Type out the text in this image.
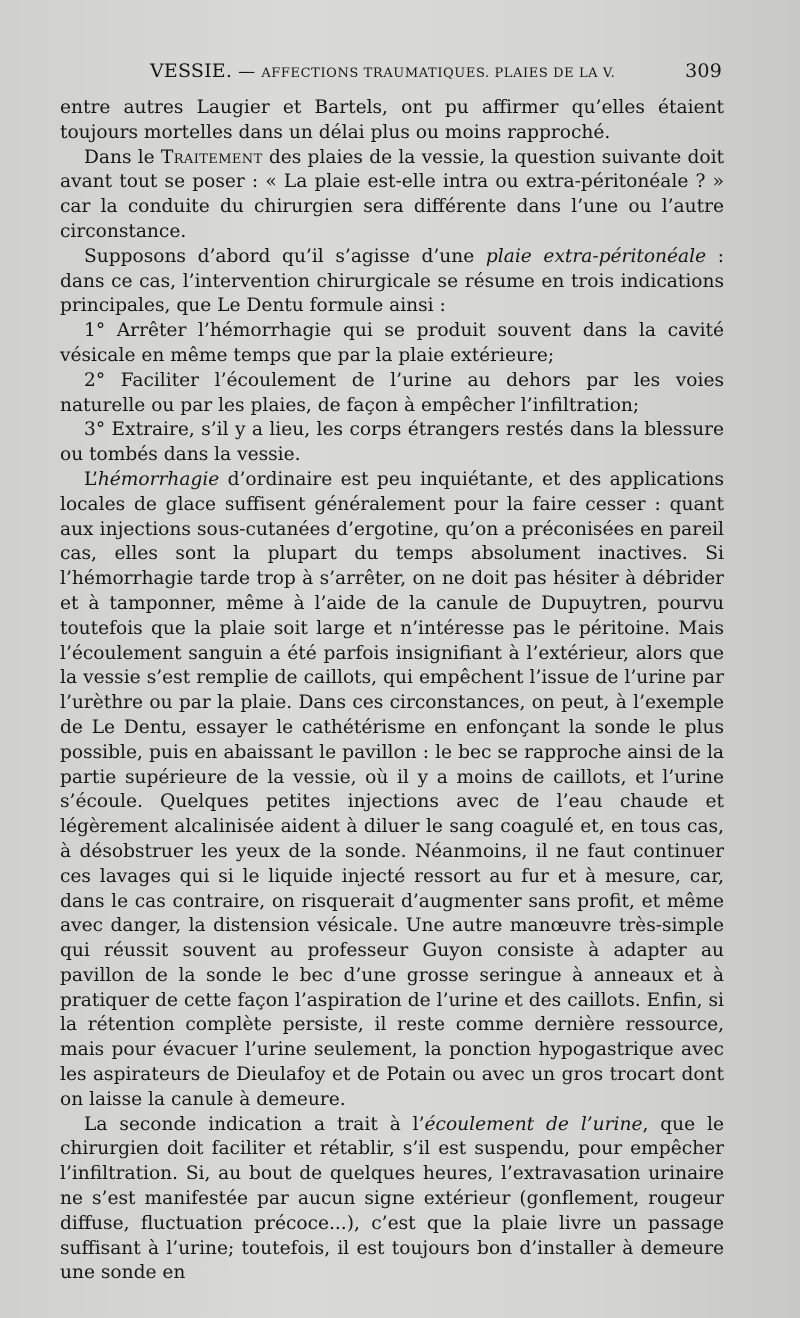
VESSIE. — AFFECTIONS TRAUMATIQUES. PLAIES DE LA V.	309

entre autres Laugier et Bartels, ont pu affirmer qu’elles étaient toujours mortelles dans un délai plus ou moins rapproché.

Dans le Traitement des plaies de la vessie, la question suivante doit avant tout se poser : « La plaie est-elle intra ou extra-péritonéale ? » car la conduite du chirurgien sera différente dans l’une ou l’autre circonstance.

Supposons d’abord qu’il s’agisse d’une plaie extra-péritonéale : dans ce cas, l’intervention chirurgicale se résume en trois indications principales, que Le Dentu formule ainsi :

1° Arrêter l’hémorrhagie qui se produit souvent dans la cavité vésicale en même temps que par la plaie extérieure;

2° Faciliter l’écoulement de l’urine au dehors par les voies naturelle ou par les plaies, de façon à empêcher l’infiltration;

3° Extraire, s’il y a lieu, les corps étrangers restés dans la blessure ou tombés dans la vessie.

L’hémorrhagie d’ordinaire est peu inquiétante, et des applications locales de glace suffisent généralement pour la faire cesser : quant aux injections sous-cutanées d’ergotine, qu’on a préconisées en pareil cas, elles sont la plupart du temps absolument inactives. Si l’hémorrhagie tarde trop à s’arrêter, on ne doit pas hésiter à débrider et à tamponner, même à l’aide de la canule de Dupuytren, pourvu toutefois que la plaie soit large et n’intéresse pas le péritoine. Mais l’écoulement sanguin a été parfois insignifiant à l’extérieur, alors que la vessie s’est remplie de caillots, qui empêchent l’issue de l’urine par l’urèthre ou par la plaie. Dans ces circonstances, on peut, à l’exemple de Le Dentu, essayer le cathétérisme en enfonçant la sonde le plus possible, puis en abaissant le pavillon : le bec se rapproche ainsi de la partie supérieure de la vessie, où il y a moins de caillots, et l’urine s’écoule. Quelques petites injections avec de l’eau chaude et légèrement alcalinisée aident à diluer le sang coagulé et, en tous cas, à désobstruer les yeux de la sonde. Néanmoins, il ne faut continuer ces lavages qui si le liquide injecté ressort au fur et à mesure, car, dans le cas contraire, on risquerait d’augmenter sans profit, et même avec danger, la distension vésicale. Une autre manœuvre très-simple qui réussit souvent au professeur Guyon consiste à adapter au pavillon de la sonde le bec d’une grosse seringue à anneaux et à pratiquer de cette façon l’aspiration de l’urine et des caillots. Enfin, si la rétention complète persiste, il reste comme dernière ressource, mais pour évacuer l’urine seulement, la ponction hypogastrique avec les aspirateurs de Dieulafoy et de Potain ou avec un gros trocart dont on laisse la canule à demeure.

La seconde indication a trait à l’écoulement de l’urine, que le chirurgien doit faciliter et rétablir, s’il est suspendu, pour empêcher l’infiltration. Si, au bout de quelques heures, l’extravasation urinaire ne s’est manifestée par aucun signe extérieur (gonflement, rougeur diffuse, fluctuation précoce...), c’est que la plaie livre un passage suffisant à l’urine; toutefois, il est toujours bon d’installer à demeure une sonde en
